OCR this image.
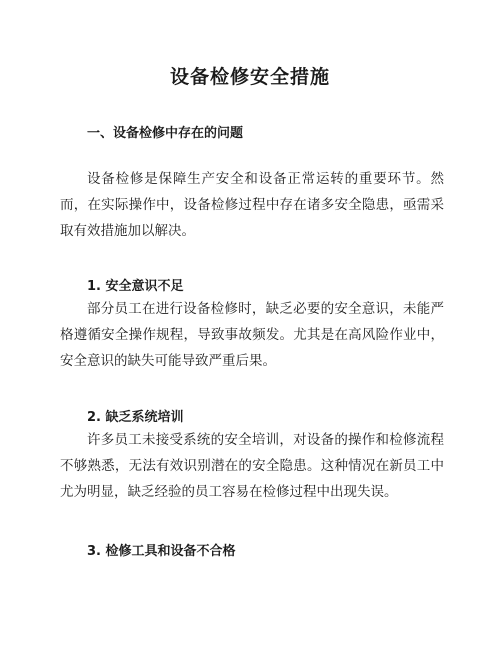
设备检修安全措施
一、设备检修中存在的问题

设备检修是保障生产安全和设备正常运转的重要环节。然而，在实际操作中，设备检修过程中存在诸多安全隐患，亟需采取有效措施加以解决。

1. 安全意识不足

部分员工在进行设备检修时，缺乏必要的安全意识，未能严格遵循安全操作规程，导致事故频发。尤其是在高风险作业中，安全意识的缺失可能导致严重后果。

2. 缺乏系统培训

许多员工未接受系统的安全培训，对设备的操作和检修流程不够熟悉，无法有效识别潜在的安全隐患。这种情况在新员工中尤为明显，缺乏经验的员工容易在检修过程中出现失误。

3. 检修工具和设备不合格
